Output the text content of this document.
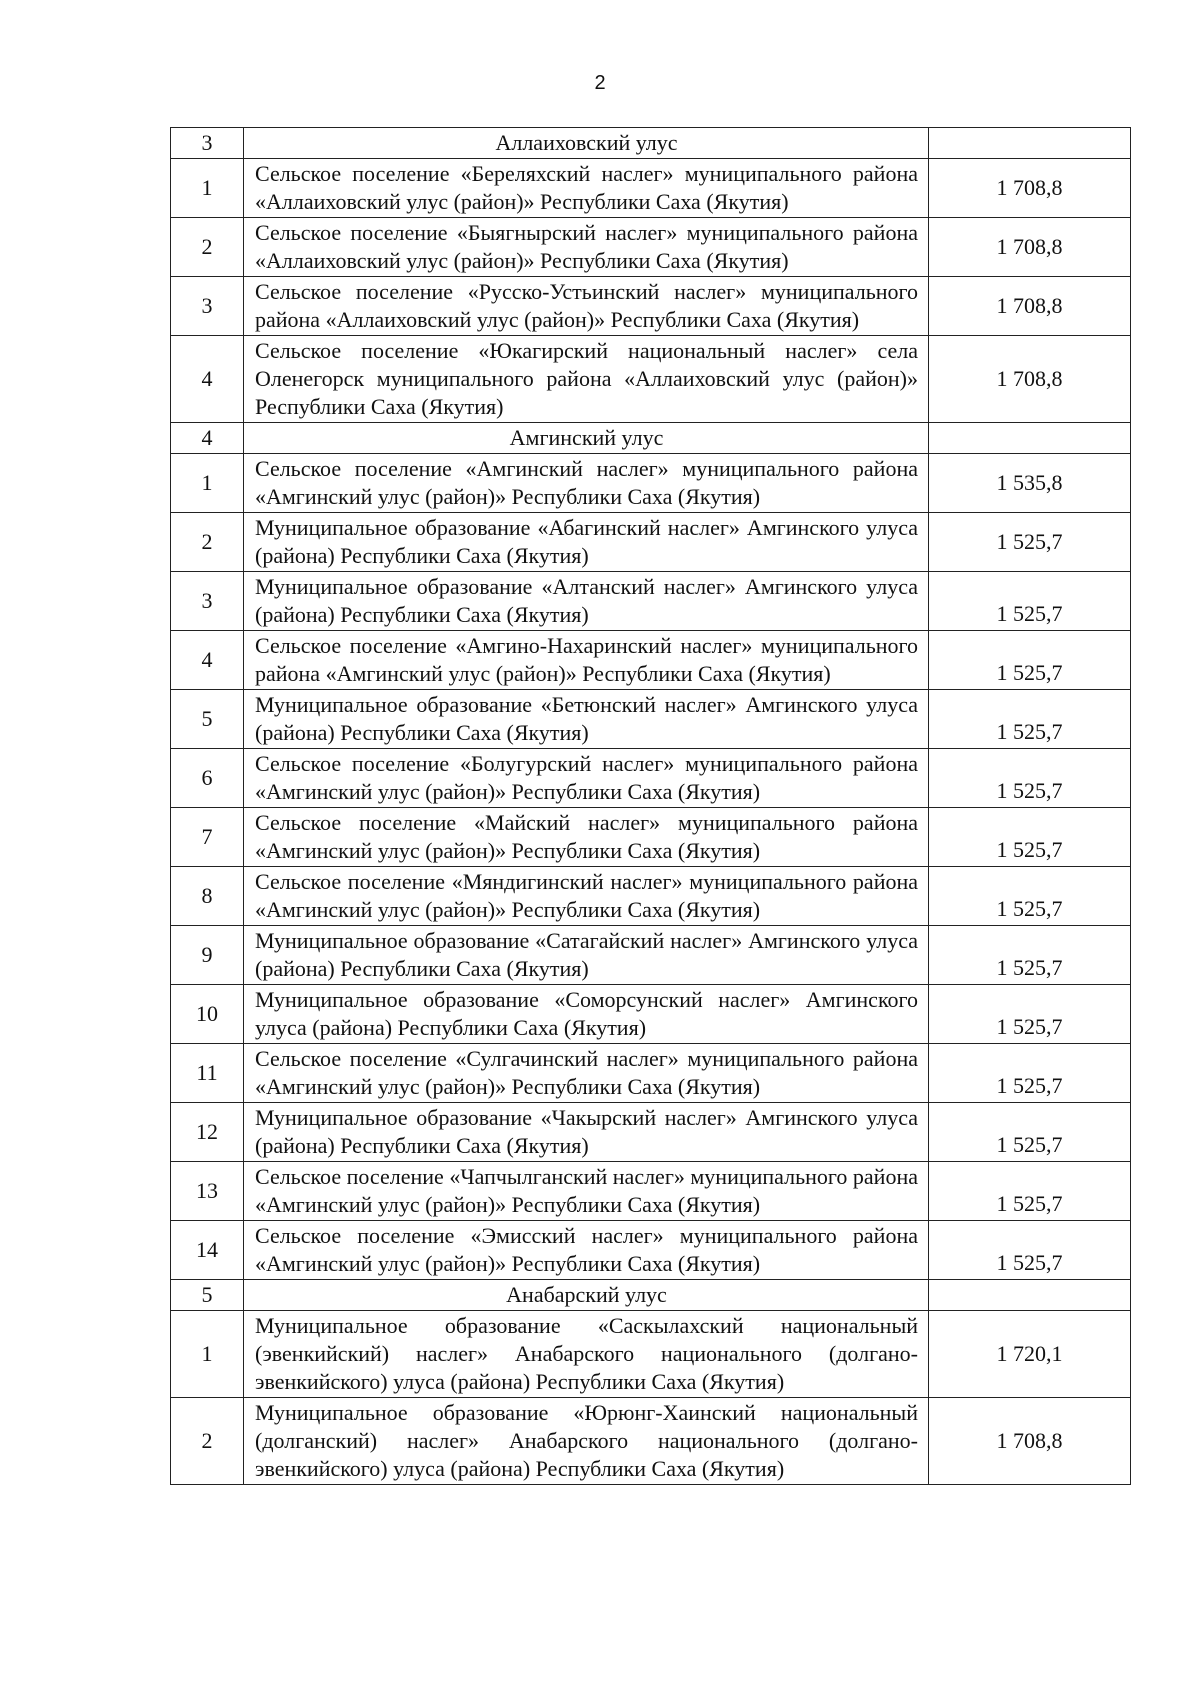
2
3	Аллаиховский улус	
1	Сельское поселение «Береляхский наслег» муниципального района «Аллаиховский улус (район)» Республики Саха (Якутия)	1 708,8
2	Сельское поселение «Быягнырский наслег» муниципального района «Аллаиховский улус (район)» Республики Саха (Якутия)	1 708,8
3	Сельское поселение «Русско-Устьинский наслег» муниципального района «Аллаиховский улус (район)» Республики Саха (Якутия)	1 708,8
4	Сельское поселение «Юкагирский национальный наслег» села Оленегорск муниципального района «Аллаиховский улус (район)» Республики Саха (Якутия)	1 708,8
4	Амгинский улус	
1	Сельское поселение «Амгинский наслег» муниципального района «Амгинский улус (район)» Республики Саха (Якутия)	1 535,8
2	Муниципальное образование «Абагинский наслег» Амгинского улуса (района) Республики Саха (Якутия)	1 525,7
3	Муниципальное образование «Алтанский наслег» Амгинского улуса (района) Республики Саха (Якутия)	1 525,7
4	Сельское поселение «Амгино-Нахаринский наслег» муниципального района «Амгинский улус (район)» Республики Саха (Якутия)	1 525,7
5	Муниципальное образование «Бетюнский наслег» Амгинского улуса (района) Республики Саха (Якутия)	1 525,7
6	Сельское поселение «Болугурский наслег» муниципального района «Амгинский улус (район)» Республики Саха (Якутия)	1 525,7
7	Сельское поселение «Майский наслег» муниципального района «Амгинский улус (район)» Республики Саха (Якутия)	1 525,7
8	Сельское поселение «Мяндигинский наслег» муниципального района «Амгинский улус (район)» Республики Саха (Якутия)	1 525,7
9	Муниципальное образование «Сатагайский наслег» Амгинского улуса (района) Республики Саха (Якутия)	1 525,7
10	Муниципальное образование «Соморсунский наслег» Амгинского улуса (района) Республики Саха (Якутия)	1 525,7
11	Сельское поселение «Сулгачинский наслег» муниципального района «Амгинский улус (район)» Республики Саха (Якутия)	1 525,7
12	Муниципальное образование «Чакырский наслег» Амгинского улуса (района) Республики Саха (Якутия)	1 525,7
13	Сельское поселение «Чапчылганский наслег» муниципального района «Амгинский улус (район)» Республики Саха (Якутия)	1 525,7
14	Сельское поселение «Эмисский наслег» муниципального района «Амгинский улус (район)» Республики Саха (Якутия)	1 525,7
5	Анабарский улус	
1	Муниципальное образование «Саскылахский национальный (эвенкийский) наслег» Анабарского национального (долгано-эвенкийского) улуса (района) Республики Саха (Якутия)	1 720,1
2	Муниципальное образование «Юрюнг-Хаинский национальный (долганский) наслег» Анабарского национального (долгано-эвенкийского) улуса (района) Республики Саха (Якутия)	1 708,8
